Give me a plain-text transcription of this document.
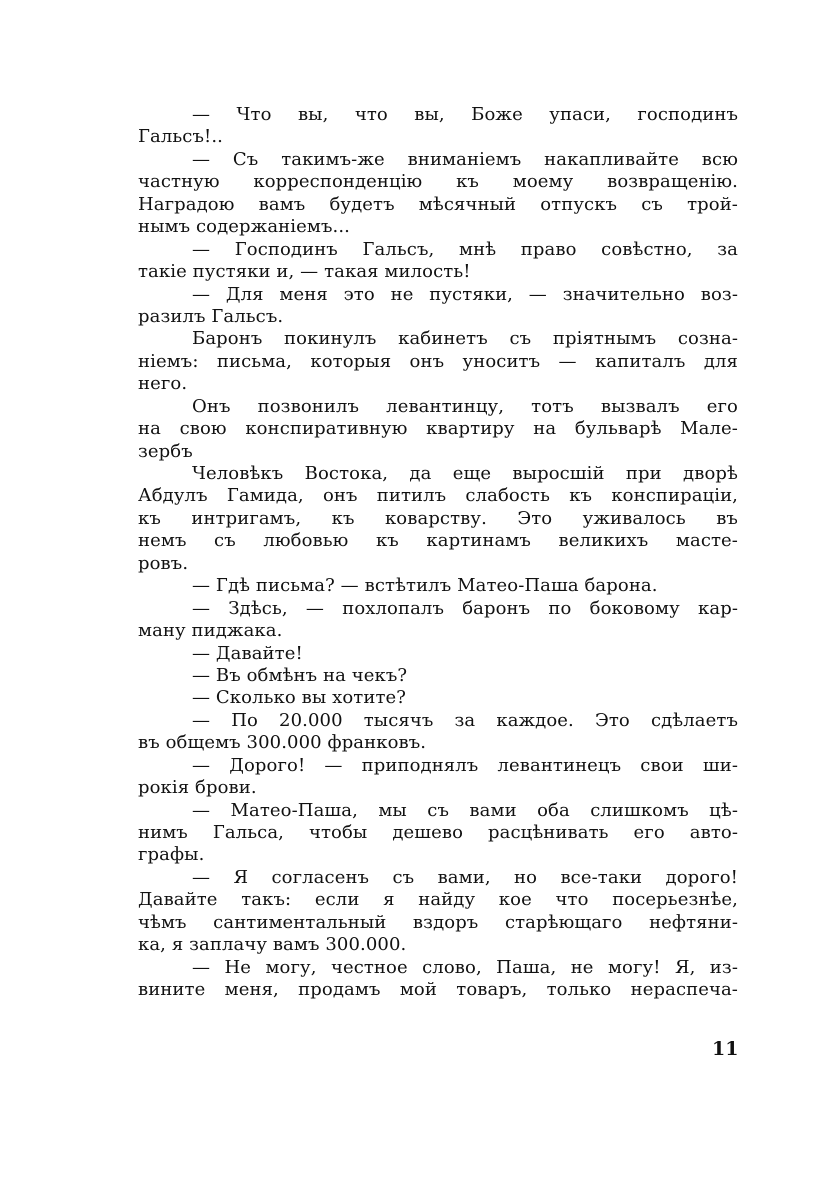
— Что вы, что вы, Боже упаси, господинъ
Гальсъ!..
— Съ такимъ-же вниманіемъ накапливайте всю
частную корреспонденцію къ моему возвращенію.
Наградою вамъ будетъ мѣсячный отпускъ съ трой-
нымъ содержаніемъ...
— Господинъ Гальсъ, мнѣ право совѣстно, за
такіе пустяки и, — такая милость!
— Для меня это не пустяки, — значительно воз-
разилъ Гальсъ.
Баронъ покинулъ кабинетъ съ пріятнымъ созна-
ніемъ: письма, которыя онъ уноситъ — капиталъ для
него.
Онъ позвонилъ левантинцу, тотъ вызвалъ его
на свою конспиративную квартиру на бульварѣ Мале-
зербъ
Человѣкъ Востока, да еще выросшій при дворѣ
Абдулъ Гамида, онъ питилъ слабость къ конспираціи,
къ интригамъ, къ коварству. Это уживалось въ
немъ съ любовью къ картинамъ великихъ масте-
ровъ.
— Гдѣ письма? — встѣтилъ Матео-Паша барона.
— Здѣсь, — похлопалъ баронъ по боковому кар-
ману пиджака.
— Давайте!
— Въ обмѣнъ на чекъ?
— Сколько вы хотите?
— По 20.000 тысячъ за каждое. Это сдѣлаетъ
въ общемъ 300.000 франковъ.
— Дорого! — приподнялъ левантинецъ свои ши-
рокія брови.
— Матео-Паша, мы съ вами оба слишкомъ цѣ-
нимъ Гальса, чтобы дешево расцѣнивать его авто-
графы.
— Я согласенъ съ вами, но все-таки дорого!
Давайте такъ: если я найду кое что посерьезнѣе,
чѣмъ сантиментальный вздоръ старѣющаго нефтяни-
ка, я заплачу вамъ 300.000.
— Не могу, честное слово, Паша, не могу! Я, из-
вините меня, продамъ мой товаръ, только нераспеча-
11
